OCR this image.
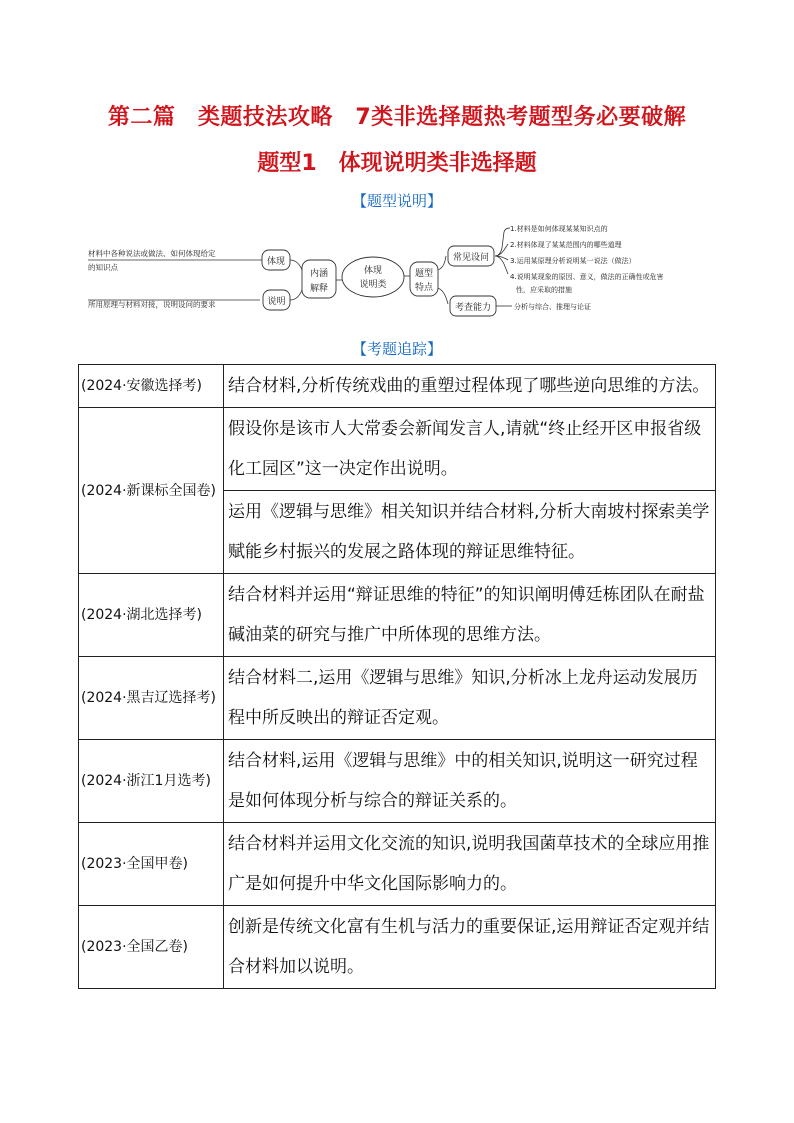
第二篇　类题技法攻略　7类非选择题热考题型务必要破解
题型1　体现说明类非选择题
【题型说明】
材料中各种说法或做法、如何体现给定
的知识点
所用原理与材料对接，说明设问的要求
体现
说明
内涵
解释
体现
说明类
题型
特点
常见设问
考查能力
1.材料是如何体现某某知识点的
2.材料体现了某某范围内的哪些道理
3.运用某原理分析说明某一说法（做法）
4.说明某现象的原因、意义，做法的正确性或危害
性，应采取的措施
分析与综合、推理与论证
【考题追踪】
(2024·安徽选择考)	结合材料,分析传统戏曲的重塑过程体现了哪些逆向思维的方法。
(2024·新课标全国卷)	假设你是该市人大常委会新闻发言人,请就“终止经开区申报省级化工园区”这一决定作出说明。
	运用《逻辑与思维》相关知识并结合材料,分析大南坡村探索美学赋能乡村振兴的发展之路体现的辩证思维特征。
(2024·湖北选择考)	结合材料并运用“辩证思维的特征”的知识阐明傅廷栋团队在耐盐碱油菜的研究与推广中所体现的思维方法。
(2024·黑吉辽选择考)	结合材料二,运用《逻辑与思维》知识,分析冰上龙舟运动发展历程中所反映出的辩证否定观。
(2024·浙江1月选考)	结合材料,运用《逻辑与思维》中的相关知识,说明这一研究过程是如何体现分析与综合的辩证关系的。
(2023·全国甲卷)	结合材料并运用文化交流的知识,说明我国菌草技术的全球应用推广是如何提升中华文化国际影响力的。
(2023·全国乙卷)	创新是传统文化富有生机与活力的重要保证,运用辩证否定观并结合材料加以说明。
